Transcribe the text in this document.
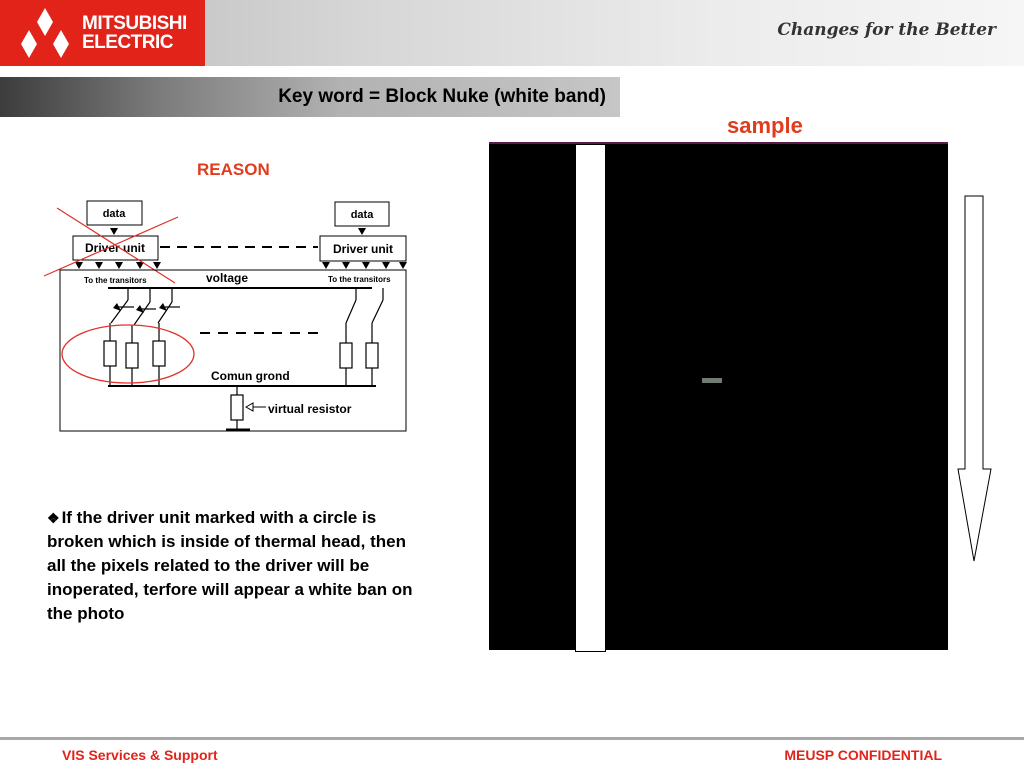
MITSUBISHI
ELECTRIC
Changes for the Better
Key word = Block Nuke (white band)
REASON
sample
data	data
Driver unit	Driver unit
To the transitors	To the transitors
voltage
Comun grond
virtual resistor
❖ If the driver unit marked with a circle is broken which is inside of thermal head, then all the pixels related to the driver will be inoperated, terfore will appear a white ban on the photo
VIS Services & Support	MEUSP CONFIDENTIAL
